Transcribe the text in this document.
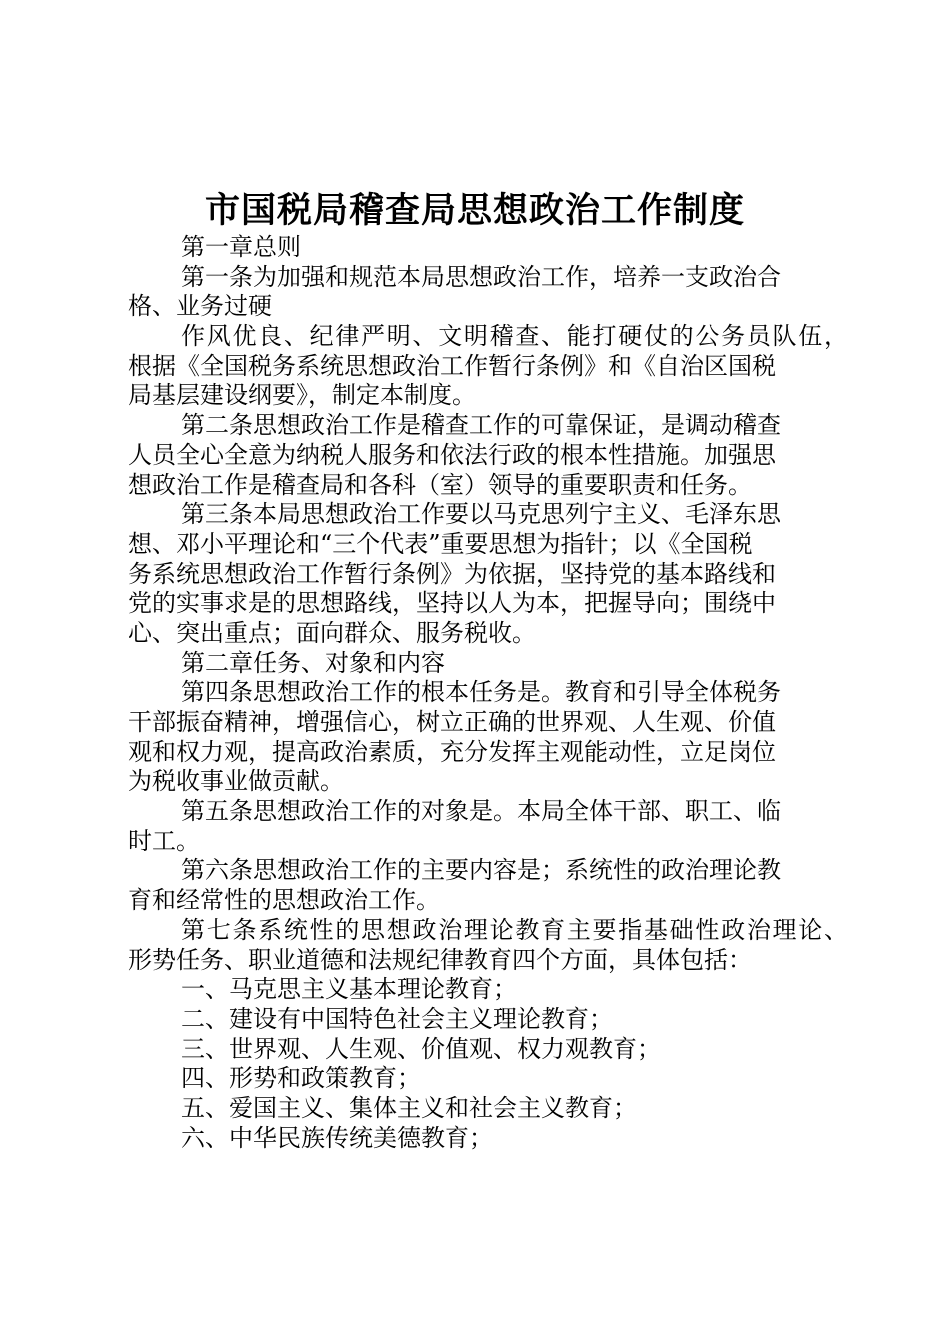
市国税局稽查局思想政治工作制度
第一章总则
第一条为加强和规范本局思想政治工作，培养一支政治合
格、业务过硬
作风优良、纪律严明、文明稽查、能打硬仗的公务员队伍，
根据《全国税务系统思想政治工作暂行条例》和《自治区国税
局基层建设纲要》，制定本制度。
第二条思想政治工作是稽查工作的可靠保证，是调动稽查
人员全心全意为纳税人服务和依法行政的根本性措施。加强思
想政治工作是稽查局和各科（室）领导的重要职责和任务。
第三条本局思想政治工作要以马克思列宁主义、毛泽东思
想、邓小平理论和“三个代表”重要思想为指针；以《全国税
务系统思想政治工作暂行条例》为依据，坚持党的基本路线和
党的实事求是的思想路线，坚持以人为本，把握导向；围绕中
心、突出重点；面向群众、服务税收。
第二章任务、对象和内容
第四条思想政治工作的根本任务是。教育和引导全体税务
干部振奋精神，增强信心，树立正确的世界观、人生观、价值
观和权力观，提高政治素质，充分发挥主观能动性，立足岗位
为税收事业做贡献。
第五条思想政治工作的对象是。本局全体干部、职工、临
时工。
第六条思想政治工作的主要内容是；系统性的政治理论教
育和经常性的思想政治工作。
第七条系统性的思想政治理论教育主要指基础性政治理论、
形势任务、职业道德和法规纪律教育四个方面，具体包括：
一、马克思主义基本理论教育；
二、建设有中国特色社会主义理论教育；
三、世界观、人生观、价值观、权力观教育；
四、形势和政策教育；
五、爱国主义、集体主义和社会主义教育；
六、中华民族传统美德教育；
